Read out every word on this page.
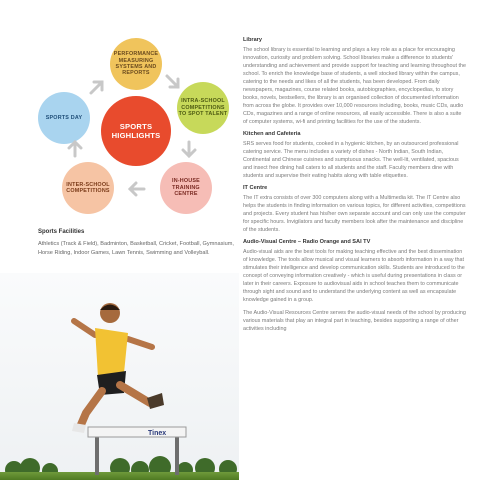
PERFORMANCE MEASURING SYSTEMS AND REPORTS
INTRA-SCHOOL COMPETITIONS TO SPOT TALENT
SPORTS DAY
SPORTS HIGHLIGHTS
INTER-SCHOOL COMPETITIONS
IN-HOUSE TRAINING CENTRE
Sports Facilities

Athletics (Track & Field), Badminton, Basketball, Cricket, Football, Gymnasium, Horse Riding, Indoor Games, Lawn Tennis, Swimming and Volleyball.

Tinex
Library

The school library is essential to learning and plays a key role as a place for encouraging innovation, curiosity and problem solving. School libraries make a difference to students' understanding and achievement and provide support for teaching and learning throughout the school. To enrich the knowledge base of students, a well stocked library within the campus, catering to the needs and likes of all the students, has been developed. From daily newspapers, magazines, course related books, autobiographies, encyclopedias, to story books, novels, bestsellers, the library is an organised collection of documented information from across the globe. It provides over 10,000 resources including, books, music CDs, audio CDs, magazines and a range of online resources, all easily accessible. There is also a suite of computer systems, wi-fi and printing facilities for the use of the students.

Kitchen and Cafeteria

SRS serves food for students, cooked in a hygienic kitchen, by an outsourced professional catering service. The menu includes a variety of dishes - North Indian, South Indian, Continental and Chinese cuisines and sumptuous snacks. The well-lit, ventilated, spacious and insect free dining hall caters to all students and the staff. Faculty members dine with students and supervise their eating habits along with table etiquettes.

IT Centre

The IT extra consists of over 300 computers along with a Multimedia kit. The IT Centre also helps the students in finding information on various topics, for different activities, competitions and projects. Every student has his/her own separate account and can only use the computer for specific hours. Invigilators and faculty members look after the maintenance and discipline of the students.

Audio-Visual Centre – Radio Orange and SAI TV

Audio-visual aids are the best tools for making teaching effective and the best dissemination of knowledge. The tools allow musical and visual learners to absorb information in a way that stimulates their intelligence and develop communication skills. Students are introduced to the concept of conveying information creatively - which is useful during presentations in class or later in their careers. Exposure to audiovisual aids in school teaches them to communicate through sight and sound and to understand the underlying content as well as encapsulate knowledge gained in a group.

The Audio-Visual Resources Centre serves the audio-visual needs of the school by producing various materials that play an integral part in teaching, besides supporting a range of other activities including
